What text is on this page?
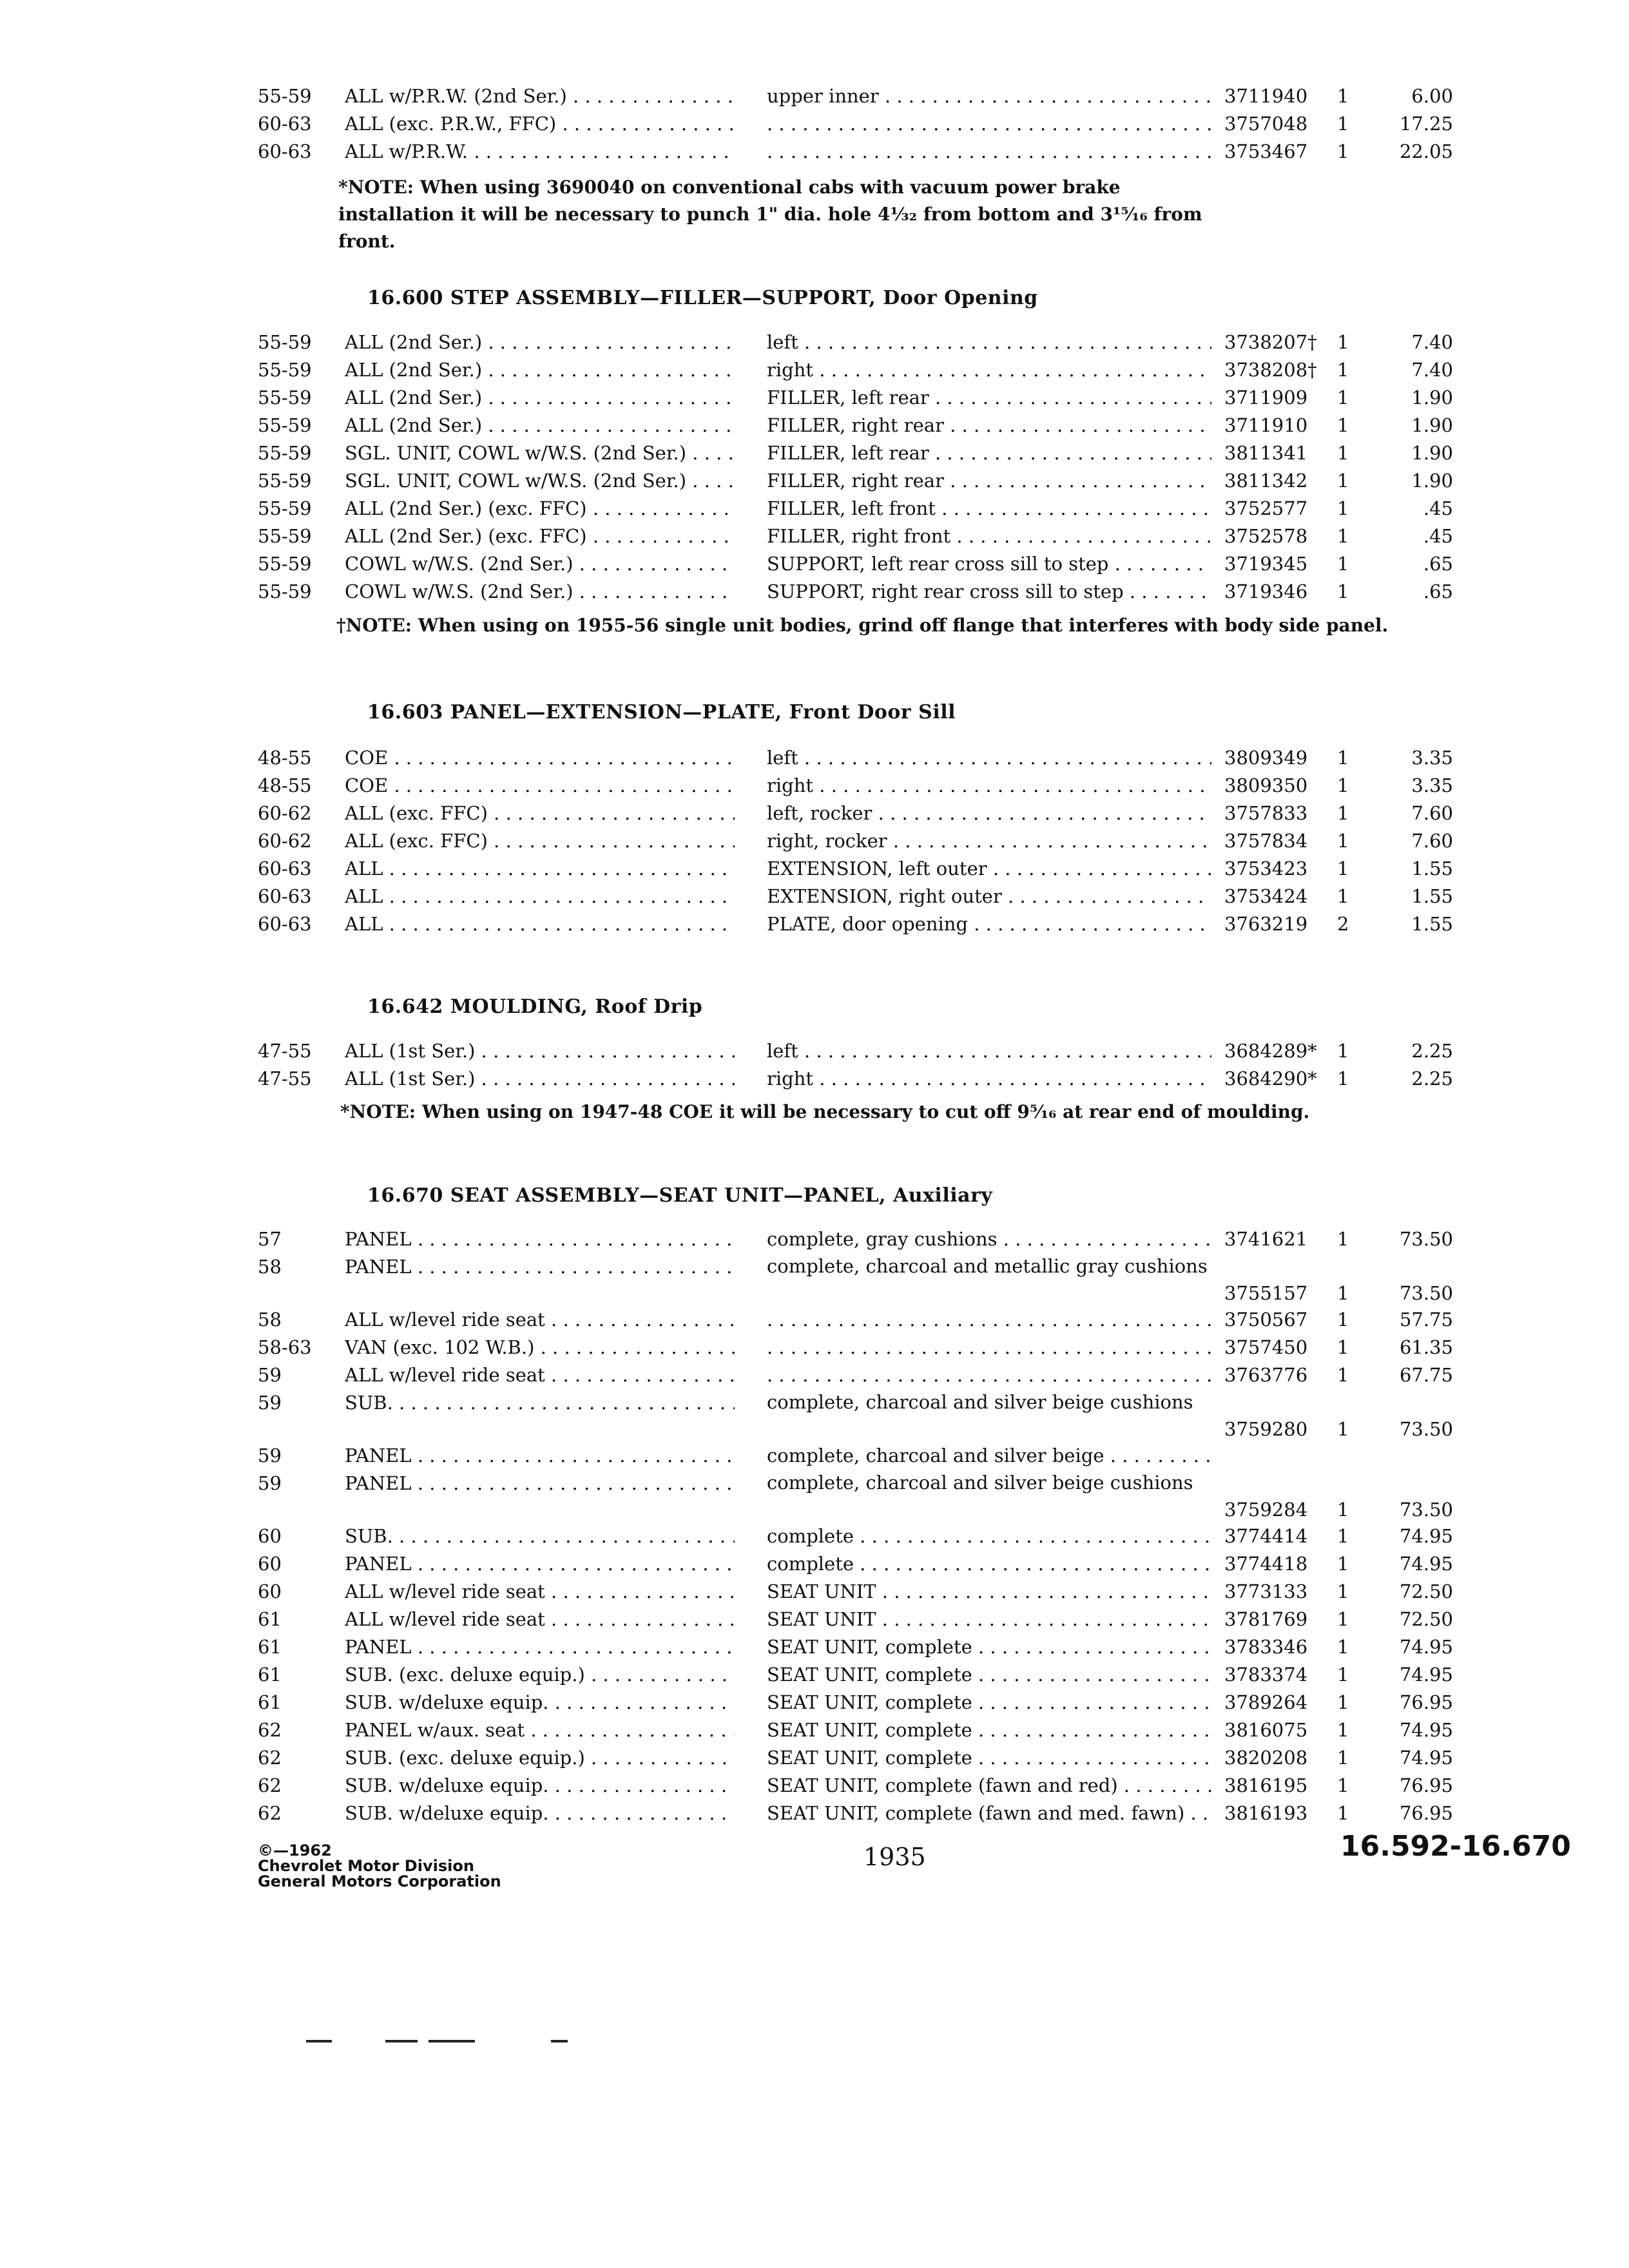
55-59 ALL w/P.R.W. (2nd Ser.) . . .	upper inner . . .	3711940 1	6.00
60-63 ALL (exc. P.R.W., FFC) . . . . . .	3757048 1	17.25
60-63 ALL w/P.R.W. . . . . . .	3753467 1	22.05
*NOTE: When using 3690040 on conventional cabs with vacuum power brake installation it will be necessary to punch 1" dia. hole 4¹⁄₃₂ from bottom and 3¹⁵⁄₁₆ from front.
16.600 STEP ASSEMBLY—FILLER—SUPPORT, Door Opening
55-59 ALL (2nd Ser.) . . .	left . . .	3738207† 1	7.40
55-59 ALL (2nd Ser.) . . .	right . . .	3738208† 1	7.40
55-59 ALL (2nd Ser.) . . .	FILLER, left rear . . .	3711909 1	1.90
55-59 ALL (2nd Ser.) . . .	FILLER, right rear . . .	3711910 1	1.90
55-59 SGL. UNIT, COWL w/W.S. (2nd Ser.) . . .	FILLER, left rear . . .	3811341 1	1.90
55-59 SGL. UNIT, COWL w/W.S. (2nd Ser.) . . .	FILLER, right rear . . .	3811342 1	1.90
55-59 ALL (2nd Ser.) (exc. FFC) . . .	FILLER, left front . . .	3752577 1	.45
55-59 ALL (2nd Ser.) (exc. FFC) . . .	FILLER, right front . . .	3752578 1	.45
55-59 COWL w/W.S. (2nd Ser.) . . .	SUPPORT, left rear cross sill to step . . .	3719345 1	.65
55-59 COWL w/W.S. (2nd Ser.) . . .	SUPPORT, right rear cross sill to step . . .	3719346 1	.65
†NOTE: When using on 1955-56 single unit bodies, grind off flange that interferes with body side panel.
16.603 PANEL—EXTENSION—PLATE, Front Door Sill
48-55 COE . . .	left . . .	3809349 1	3.35
48-55 COE . . .	right . . .	3809350 1	3.35
60-62 ALL (exc. FFC) . . .	left, rocker . . .	3757833 1	7.60
60-62 ALL (exc. FFC) . . .	right, rocker . . .	3757834 1	7.60
60-63 ALL . . .	EXTENSION, left outer . . .	3753423 1	1.55
60-63 ALL . . .	EXTENSION, right outer . . .	3753424 1	1.55
60-63 ALL . . .	PLATE, door opening . . .	3763219 2	1.55
16.642 MOULDING, Roof Drip
47-55 ALL (1st Ser.) . . .	left . . .	3684289* 1	2.25
47-55 ALL (1st Ser.) . . .	right . . .	3684290* 1	2.25
*NOTE: When using on 1947-48 COE it will be necessary to cut off 9⁵⁄₁₆ at rear end of moulding.
16.670 SEAT ASSEMBLY—SEAT UNIT—PANEL, Auxiliary
57	PANEL . . .	complete, gray cushions . . .	3741621 1	73.50
58	PANEL . . .	complete, charcoal and metallic gray cushions
3755157 1	73.50
58	ALL w/level ride seat . . . . . .	3750567 1	57.75
58-63 VAN (exc. 102 W.B.) . . . . . .	3757450 1	61.35
59	ALL w/level ride seat . . . . . .	3763776 1	67.75
59	SUB. . . .	complete, charcoal and silver beige cushions
3759280 1	73.50
59	PANEL . . .	complete, charcoal and silver beige . . .
59	PANEL . . .	complete, charcoal and silver beige cushions
3759284 1	73.50
60	SUB. . . .	complete . . .	3774414 1	74.95
60	PANEL . . .	complete . . .	3774418 1	74.95
60	ALL w/level ride seat . . .	SEAT UNIT . . .	3773133 1	72.50
61	ALL w/level ride seat . . .	SEAT UNIT . . .	3781769 1	72.50
61	PANEL . . .	SEAT UNIT, complete . . .	3783346 1	74.95
61	SUB. (exc. deluxe equip.) . . .	SEAT UNIT, complete . . .	3783374 1	74.95
61	SUB. w/deluxe equip. . . .	SEAT UNIT, complete . . .	3789264 1	76.95
62	PANEL w/aux. seat . . .	SEAT UNIT, complete . . .	3816075 1	74.95
62	SUB. (exc. deluxe equip.) . . .	SEAT UNIT, complete . . .	3820208 1	74.95
62	SUB. w/deluxe equip. . . .	SEAT UNIT, complete (fawn and red) . . .	3816195 1	76.95
62	SUB. w/deluxe equip. . . .	SEAT UNIT, complete (fawn and med. fawn) . . .	3816193 1	76.95
©—1962
Chevrolet Motor Division
General Motors Corporation
1935	16.592-16.670
